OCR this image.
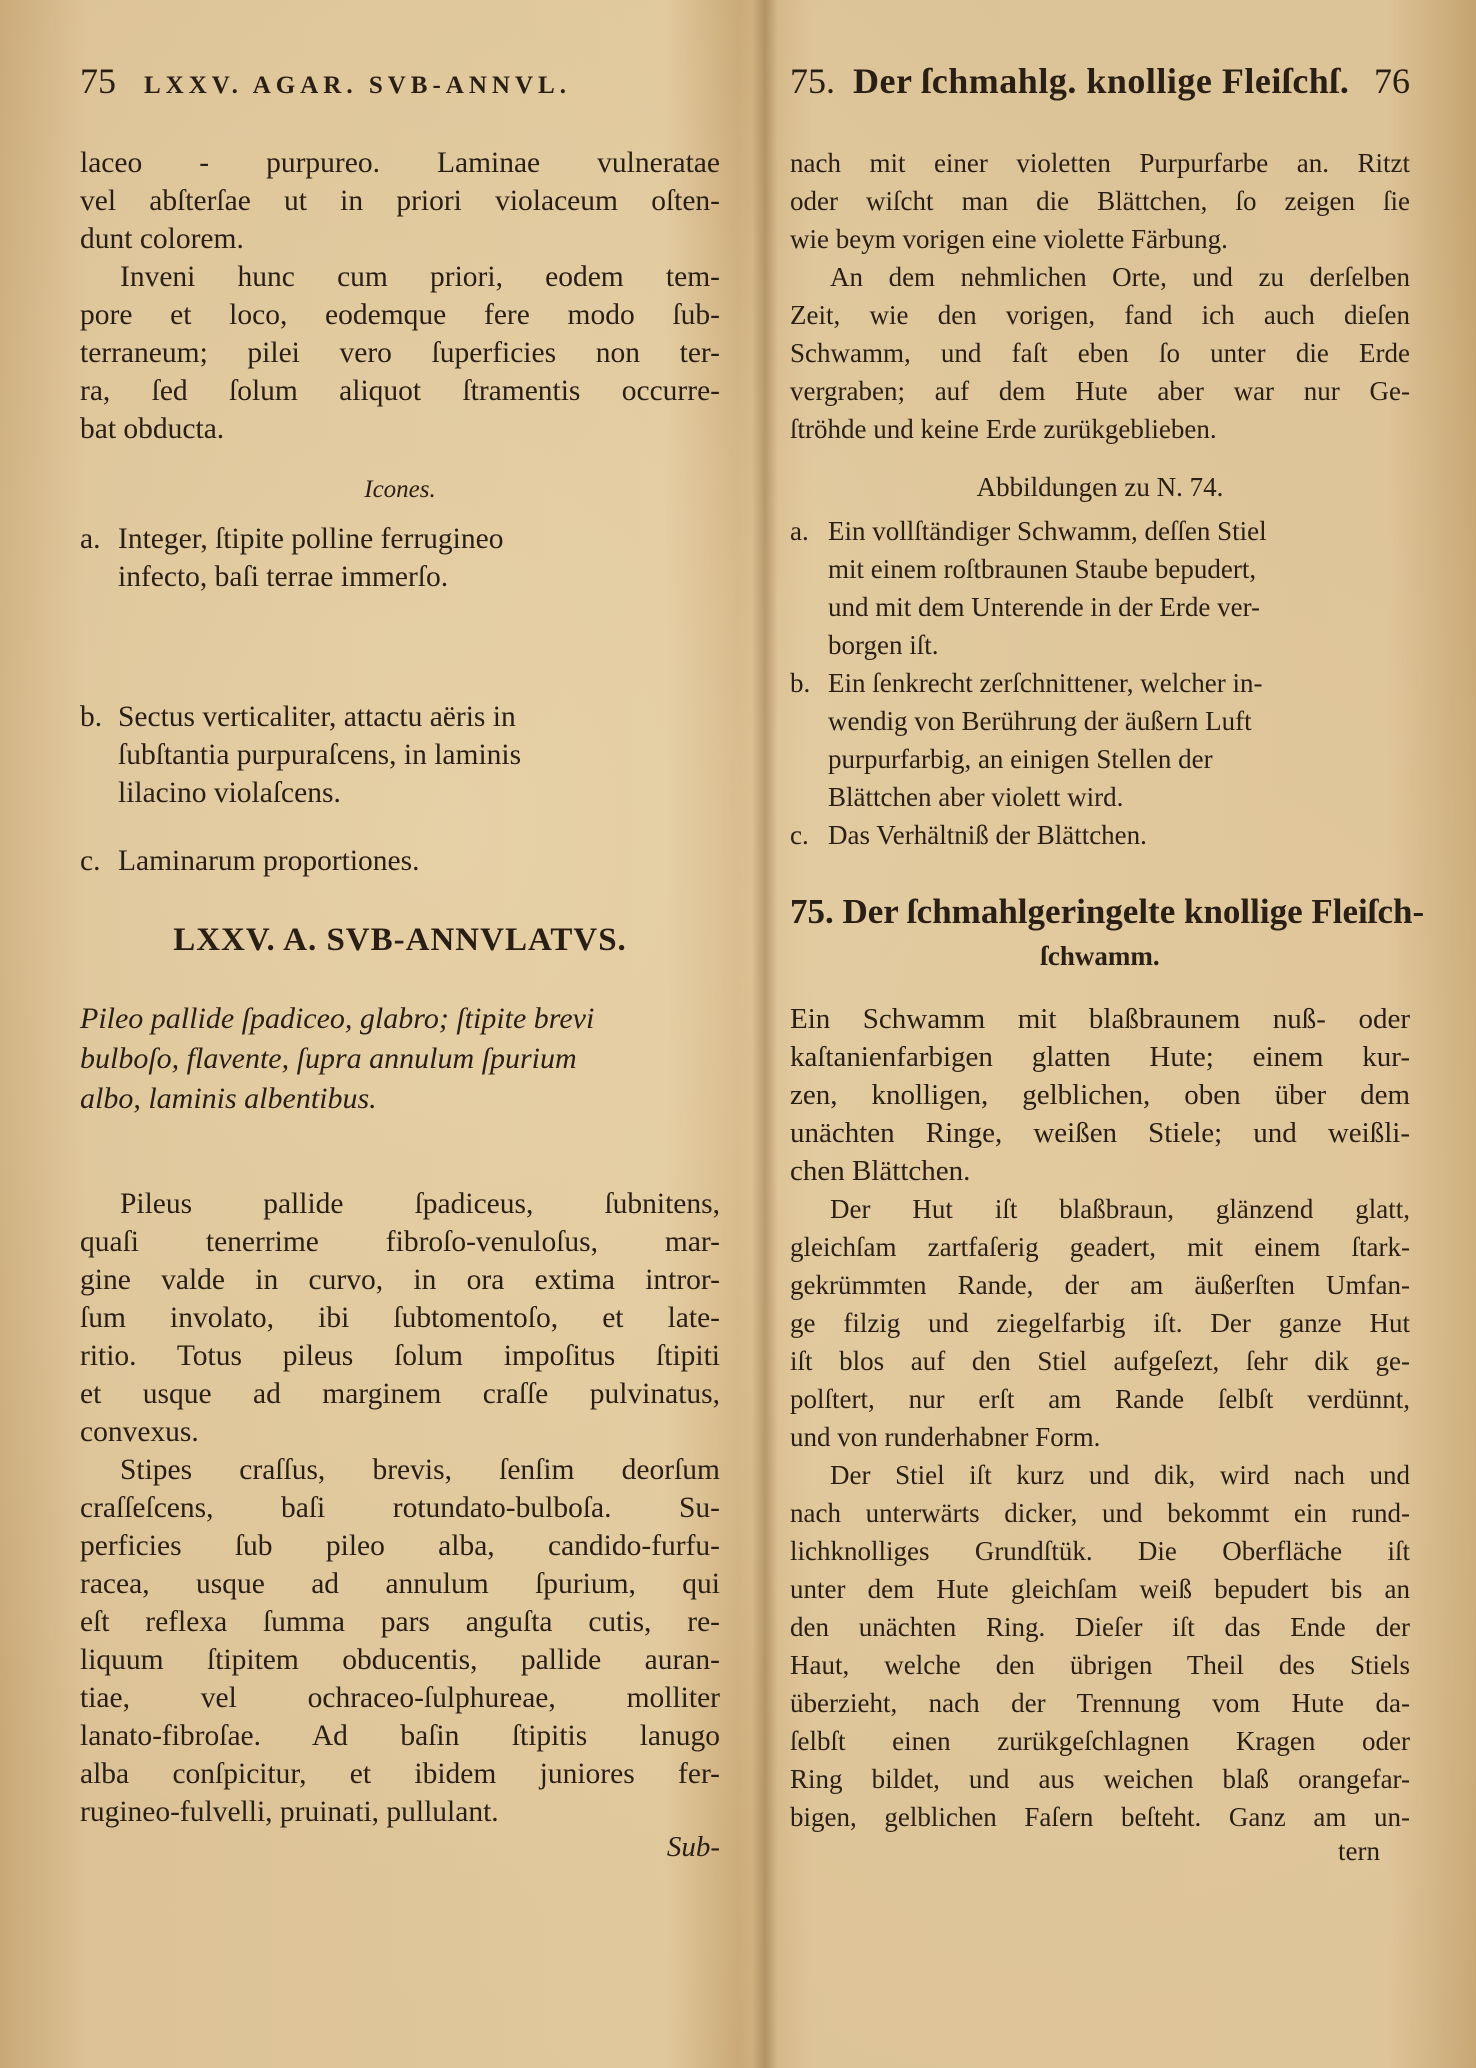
75 LXXV. AGAR. SVB-ANNVL.
laceo - purpureo. Laminae vulneratae
vel abſterſae ut in priori violaceum oſten-
dunt colorem.
Inveni hunc cum priori, eodem tem-
pore et loco, eodemque fere modo ſub-
terraneum; pilei vero ſuperficies non ter-
ra, ſed ſolum aliquot ſtramentis occurre-
bat obducta.
Icones.
a. Integer, ſtipite polline ferrugineo
infecto, baſi terrae immerſo.
b. Sectus verticaliter, attactu aëris in
ſubſtantia purpuraſcens, in laminis
lilacino violaſcens.
c. Laminarum proportiones.
LXXV. A. SVB-ANNVLATVS.
Pileo pallide ſpadiceo, glabro; ſtipite brevi
bulboſo, flavente, ſupra annulum ſpurium
albo, laminis albentibus.
Pileus pallide ſpadiceus, ſubnitens,
quaſi tenerrime fibroſo-venuloſus, mar-
gine valde in curvo, in ora extima intror-
ſum involato, ibi ſubtomentoſo, et late-
ritio. Totus pileus ſolum impoſitus ſtipiti
et usque ad marginem craſſe pulvinatus,
convexus.
Stipes craſſus, brevis, ſenſim deorſum
craſſeſcens, baſi rotundato-bulboſa. Su-
perficies ſub pileo alba, candido-furfu-
racea, usque ad annulum ſpurium, qui
eſt reflexa ſumma pars anguſta cutis, re-
liquum ſtipitem obducentis, pallide auran-
tiae, vel ochraceo-ſulphureae, molliter
lanato-fibroſae. Ad baſin ſtipitis lanugo
alba conſpicitur, et ibidem juniores fer-
rugineo-fulvelli, pruinati, pullulant.
Sub-
75. Der ſchmahlg. knollige Fleiſchſ. 76
nach mit einer violetten Purpurfarbe an. Ritzt
oder wiſcht man die Blättchen, ſo zeigen ſie
wie beym vorigen eine violette Färbung.
An dem nehmlichen Orte, und zu derſelben
Zeit, wie den vorigen, fand ich auch dieſen
Schwamm, und faſt eben ſo unter die Erde
vergraben; auf dem Hute aber war nur Ge-
ſtröhde und keine Erde zurükgeblieben.
Abbildungen zu N. 74.
a. Ein vollſtändiger Schwamm, deſſen Stiel
mit einem roſtbraunen Staube bepudert,
und mit dem Unterende in der Erde ver-
borgen iſt.
b. Ein ſenkrecht zerſchnittener, welcher in-
wendig von Berührung der äußern Luft
purpurfarbig, an einigen Stellen der
Blättchen aber violett wird.
c. Das Verhältniß der Blättchen.
75. Der ſchmahlgeringelte knollige Fleiſch-
ſchwamm.
Ein Schwamm mit blaßbraunem nuß- oder
kaſtanienfarbigen glatten Hute; einem kur-
zen, knolligen, gelblichen, oben über dem
unächten Ringe, weißen Stiele; und weißli-
chen Blättchen.
Der Hut iſt blaßbraun, glänzend glatt,
gleichſam zartfaſerig geadert, mit einem ſtark-
gekrümmten Rande, der am äußerſten Umfan-
ge filzig und ziegelfarbig iſt. Der ganze Hut
iſt blos auf den Stiel aufgeſezt, ſehr dik ge-
polſtert, nur erſt am Rande ſelbſt verdünnt,
und von runderhabner Form.
Der Stiel iſt kurz und dik, wird nach und
nach unterwärts dicker, und bekommt ein rund-
lichknolliges Grundſtük. Die Oberfläche iſt
unter dem Hute gleichſam weiß bepudert bis an
den unächten Ring. Dieſer iſt das Ende der
Haut, welche den übrigen Theil des Stiels
überzieht, nach der Trennung vom Hute da-
ſelbſt einen zurükgeſchlagnen Kragen oder
Ring bildet, und aus weichen blaß orangefar-
bigen, gelblichen Faſern beſteht. Ganz am un-
tern
